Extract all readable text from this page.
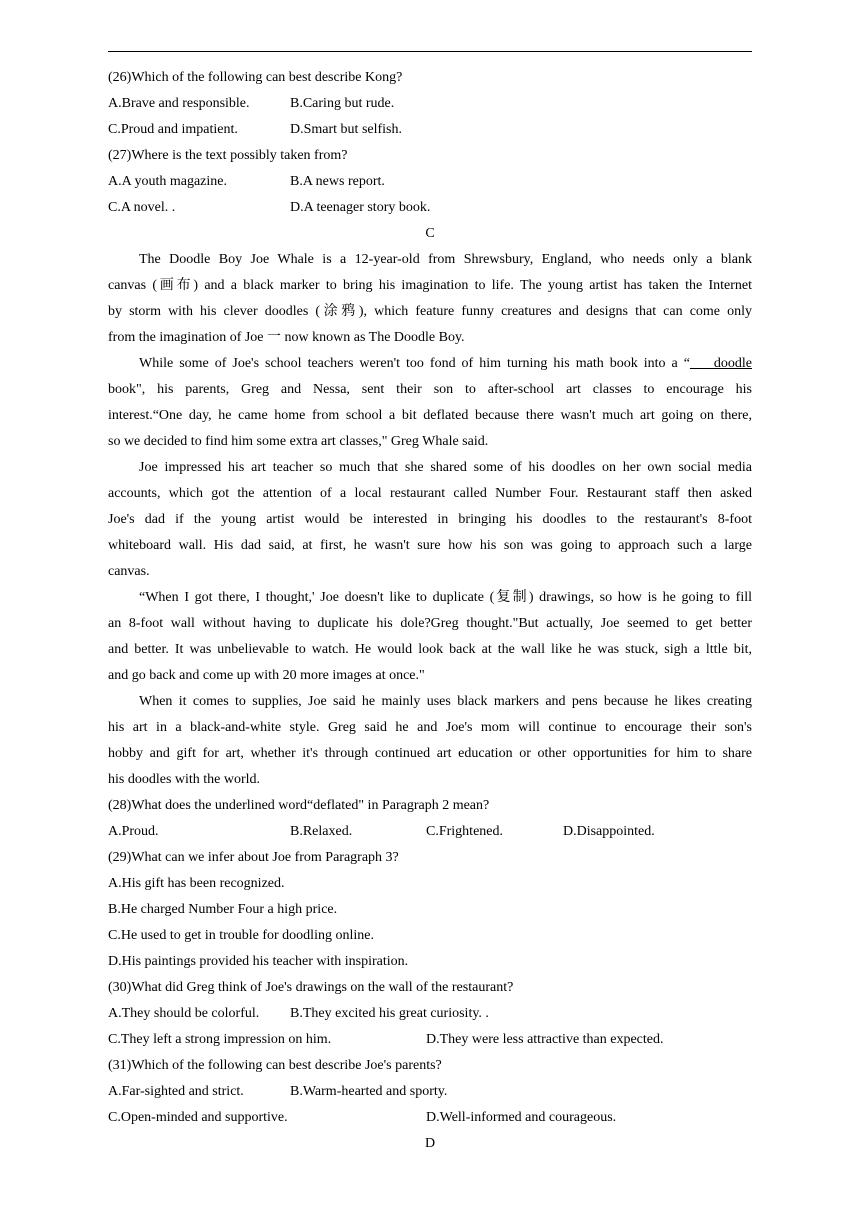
(26)Which of the following can best describe Kong?
A.Brave and responsible.	B.Caring but rude.
C.Proud and impatient.	D.Smart but selfish.
(27)Where is the text possibly taken from?
A.A youth magazine.	B.A news report.
C.A novel. .	D.A teenager story book.
C
The Doodle Boy Joe Whale is a 12-year-old from Shrewsbury, England, who needs only a blank
canvas (画布) and a black marker to bring his imagination to life. The young artist has taken the Internet
by storm with his clever doodles (涂鸦), which feature funny creatures and designs that can come only
from the imagination of Joe 一 now known as The Doodle Boy.
While some of Joe's school teachers weren't too fond of him turning his math book into a “    doodle
book", his parents, Greg and Nessa, sent their son to after-school art classes to encourage his
interest.“One day, he came home from school a bit deflated because there wasn't much art going on there,
so we decided to find him some extra art classes," Greg Whale said.
Joe impressed his art teacher so much that she shared some of his doodles on her own social media
accounts, which got the attention of a local restaurant called Number Four. Restaurant staff then asked
Joe's dad if the young artist would be interested in bringing his doodles to the restaurant's 8-foot
whiteboard wall. His dad said, at first, he wasn't sure how his son was going to approach such a large
canvas.
“When I got there, I thought,' Joe doesn't like to duplicate (复制) drawings, so how is he going to fill
an 8-foot wall without having to duplicate his dole?Greg thought."But actually, Joe seemed to get better
and better. It was unbelievable to watch. He would look back at the wall like he was stuck, sigh a lttle bit,
and go back and come up with 20 more images at once."
When it comes to supplies, Joe said he mainly uses black markers and pens because he likes creating
his art in a black-and-white style. Greg said he and Joe's mom will continue to encourage their son's
hobby and gift for art, whether it's through continued art education or other opportunities for him to share
his doodles with the world.
(28)What does the underlined word“deflated" in Paragraph 2 mean?
A.Proud.	B.Relaxed.	C.Frightened.	D.Disappointed.
(29)What can we infer about Joe from Paragraph 3?
A.His gift has been recognized.
B.He charged Number Four a high price.
C.He used to get in trouble for doodling online.
D.His paintings provided his teacher with inspiration.
(30)What did Greg think of Joe's drawings on the wall of the restaurant?
A.They should be colorful. B.They excited his great curiosity. .
C.They left a strong impression on him.	D.They were less attractive than expected.
(31)Which of the following can best describe Joe's parents?
A.Far-sighted and strict.	B.Warm-hearted and sporty.
C.Open-minded and supportive.	D.Well-informed and courageous.
D
